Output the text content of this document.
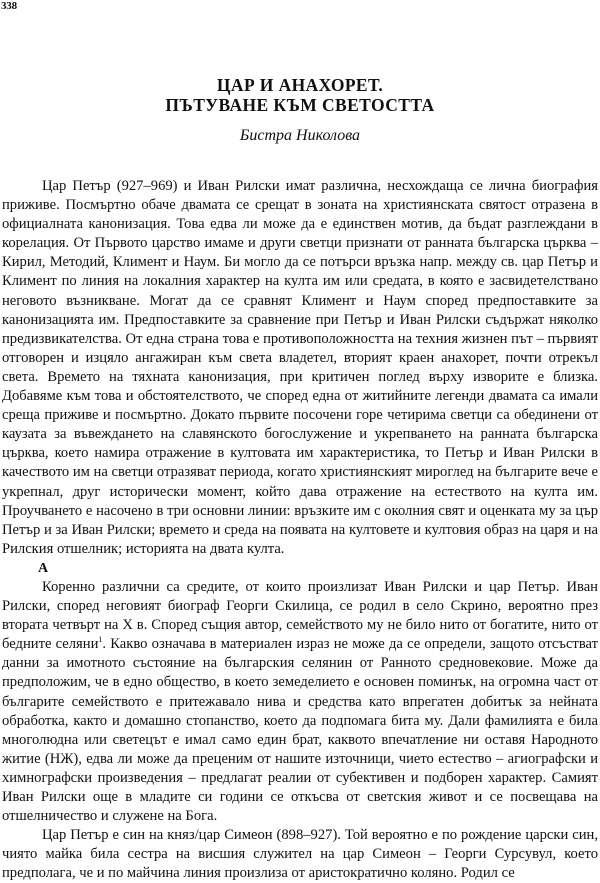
338
ЦАР И АНАХОРЕТ.
ПЪТУВАНЕ КЪМ СВЕТОСТТА
Бистра Николова

Цар Петър (927–969) и Иван Рилски имат различна, несхождаща се лична биография приживе. Посмъртно обаче двамата се срещат в зоната на християнската святост отразена в официалната канонизация. Това едва ли може да е единствен мотив, да бъдат разглеждани в корелация. От Първото царство имаме и други светци признати от ранната българска църква – Кирил, Методий, Климент и Наум. Би могло да се потърси връзка напр. между св. цар Петър и Климент по линия на локалния характер на култа им или средата, в която е засвидетелствано неговото възникване. Могат да се сравнят Климент и Наум според предпоставките за канонизацията им. Предпоставките за сравнение при Петър и Иван Рилски съдържат няколко предизвикателства. От една страна това е противоположността на техния жизнен път – първият отговорен и изцяло ангажиран към света владетел, вторият краен анахорет, почти отрекъл света. Времето на тяхната канонизация, при критичен поглед върху изворите е близка. Добавяме към това и обстоятелството, че според една от житийните легенди двамата са имали среща приживе и посмъртно. Докато първите посочени горе четирима светци са обединени от каузата за въвеждането на славянското богослужение и укрепването на ранната българска църква, което намира отражение в култовата им характеристика, то Петър и Иван Рилски в качеството им на светци отразяват периода, когато християнският мироглед на българите вече е укрепнал, друг исторически момент, който дава отражение на естеството на култа им. Проучването е насочено в три основни линии: връзките им с околния свят и оценката му за цър Петър и за Иван Рилски; времето и среда на появата на култовете и култовия образ на царя и на Рилския отшелник; историята на двата култа.

А

Коренно различни са средите, от които произлизат Иван Рилски и цар Петър. Иван Рилски, според неговият биограф Георги Скилица, се родил в село Скрино, вероятно през втората четвърт на X в. Според същия автор, семейството му не било нито от богатите, нито от бедните селяни$^1$. Какво означава в материален израз не може да се определи, защото отсъстват данни за имотното състояние на българския селянин от Ранното средновековие. Може да предположим, че в едно общество, в което земеделието е основен поминък, на огромна част от българите семейството е притежавало нива и средства като впрегатен добитък за нейната обработка, както и домашно стопанство, което да подпомага бита му. Дали фамилията е била многолюдна или светецът е имал само един брат, каквото впечатление ни оставя Народното житие (НЖ), едва ли може да преценим от нашите източници, чието естество – агиографски и химнографски произведения – предлагат реалии от субективен и подборен характер. Самият Иван Рилски още в младите си години се откъсва от светския живот и се посвещава на отшелничество и служене на Бога.

Цар Петър е син на княз/цар Симеон (898–927). Той вероятно е по рождение царски син, чиято майка била сестра на висшия служител на цар Симеон – Георги Сурсувул, което предполага, че и по майчина линия произлиза от аристократично коляно. Родил се
